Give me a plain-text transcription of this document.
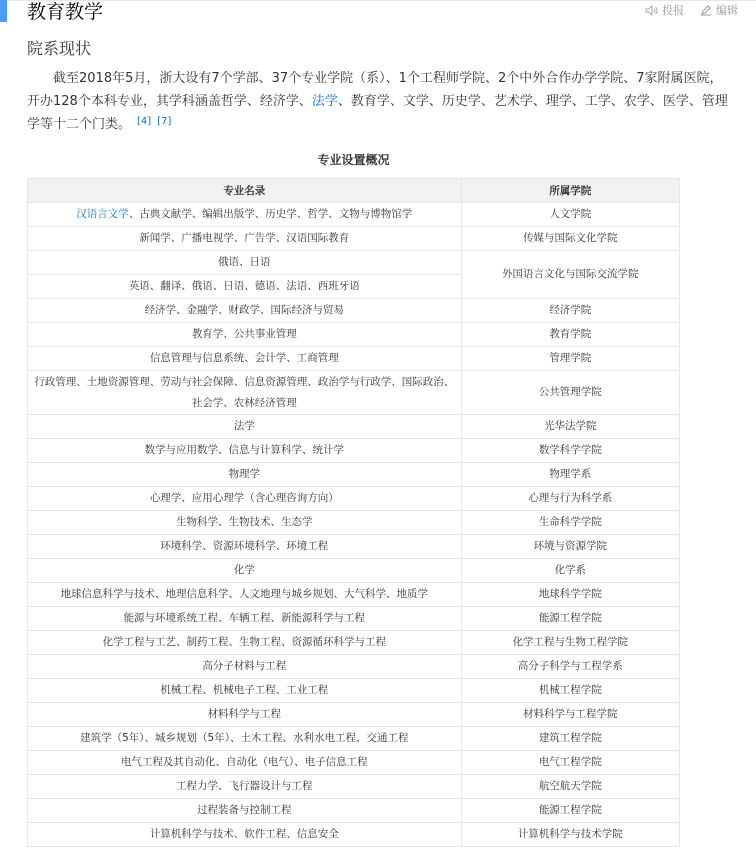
教育教学	投报	编辑
院系现状

截至2018年5月，浙大设有7个学部、37个专业学院（系）、1个工程师学院、2个中外合作办学学院、7家附属医院，开办128个本科专业，其学科涵盖哲学、经济学、法学、教育学、文学、历史学、艺术学、理学、工学、农学、医学、管理学等十二个门类。 [4] [7]

专业设置概况
专业名录	所属学院
汉语言文学、古典文献学、编辑出版学、历史学、哲学、文物与博物馆学	人文学院
新闻学、广播电视学、广告学、汉语国际教育	传媒与国际文化学院
俄语、日语	外国语言文化与国际交流学院
英语、翻译、俄语、日语、德语、法语、西班牙语	
经济学、金融学、财政学、国际经济与贸易	经济学院
教育学、公共事业管理	教育学院
信息管理与信息系统、会计学、工商管理	管理学院
行政管理、土地资源管理、劳动与社会保障、信息资源管理、政治学与行政学、国际政治、社会学、农林经济管理	公共管理学院
法学	光华法学院
数学与应用数学、信息与计算科学、统计学	数学科学学院
物理学	物理学系
心理学、应用心理学（含心理咨询方向）	心理与行为科学系
生物科学、生物技术、生态学	生命科学学院
环境科学、资源环境科学、环境工程	环境与资源学院
化学	化学系
地球信息科学与技术、地理信息科学、人文地理与城乡规划、大气科学、地质学	地球科学学院
能源与环境系统工程、车辆工程、新能源科学与工程	能源工程学院
化学工程与工艺、制药工程、生物工程、资源循环科学与工程	化学工程与生物工程学院
高分子材料与工程	高分子科学与工程学系
机械工程、机械电子工程、工业工程	机械工程学院
材料科学与工程	材料科学与工程学院
建筑学（5年）、城乡规划（5年）、土木工程、水利水电工程、交通工程	建筑工程学院
电气工程及其自动化、自动化（电气）、电子信息工程	电气工程学院
工程力学、飞行器设计与工程	航空航天学院
过程装备与控制工程	能源工程学院
计算机科学与技术、软件工程、信息安全	计算机科学与技术学院
